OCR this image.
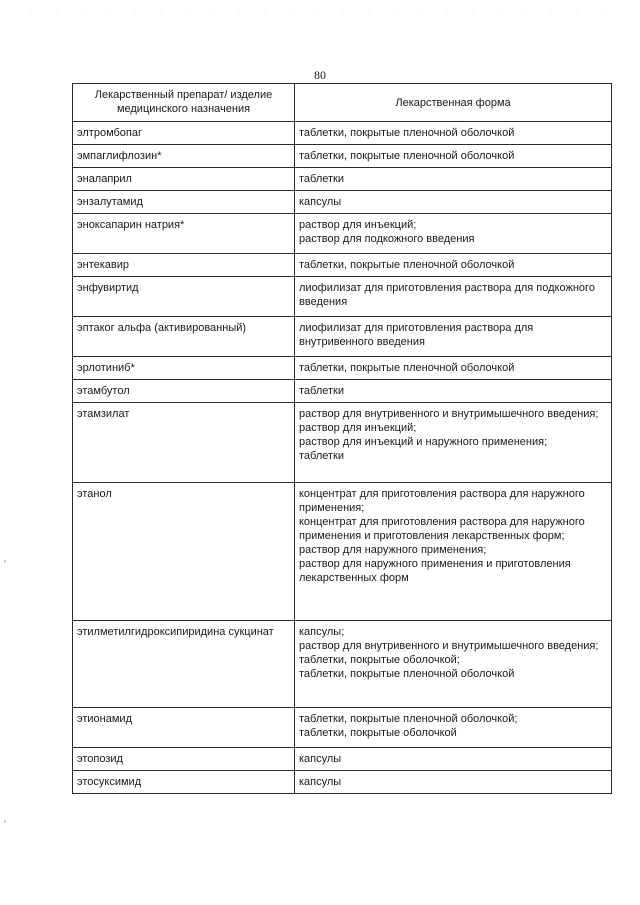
80
Лекарственный препарат/ изделие медицинского назначения	Лекарственная форма
элтромбопаг	таблетки, покрытые пленочной оболочкой

эмпаглифлозин*	таблетки, покрытые пленочной оболочкой

эналаприл	таблетки

энзалутамид	капсулы

эноксапарин натрия*	раствор для инъекций;
раствор для подкожного введения

энтекавир	таблетки, покрытые пленочной оболочкой

энфувиртид	лиофилизат для приготовления раствора для подкожного введения

эптаког альфа (активированный)	лиофилизат для приготовления раствора для внутривенного введения

эрлотиниб*	таблетки, покрытые пленочной оболочкой

этамбутол	таблетки

этамзилат	раствор для внутривенного и внутримышечного введения;
раствор для инъекций;
раствор для инъекций и наружного применения;
таблетки

этанол	концентрат для приготовления раствора для наружного применения;
концентрат для приготовления раствора для наружного применения и приготовления лекарственных форм;
раствор для наружного применения;
раствор для наружного применения и приготовления лекарственных форм

этилметилгидроксипиридина сукцинат	капсулы;
раствор для внутривенного и внутримышечного введения;
таблетки, покрытые оболочкой;
таблетки, покрытые пленочной оболочкой

этионамид	таблетки, покрытые пленочной оболочкой;
таблетки, покрытые оболочкой

этопозид	капсулы

этосуксимид	капсулы
